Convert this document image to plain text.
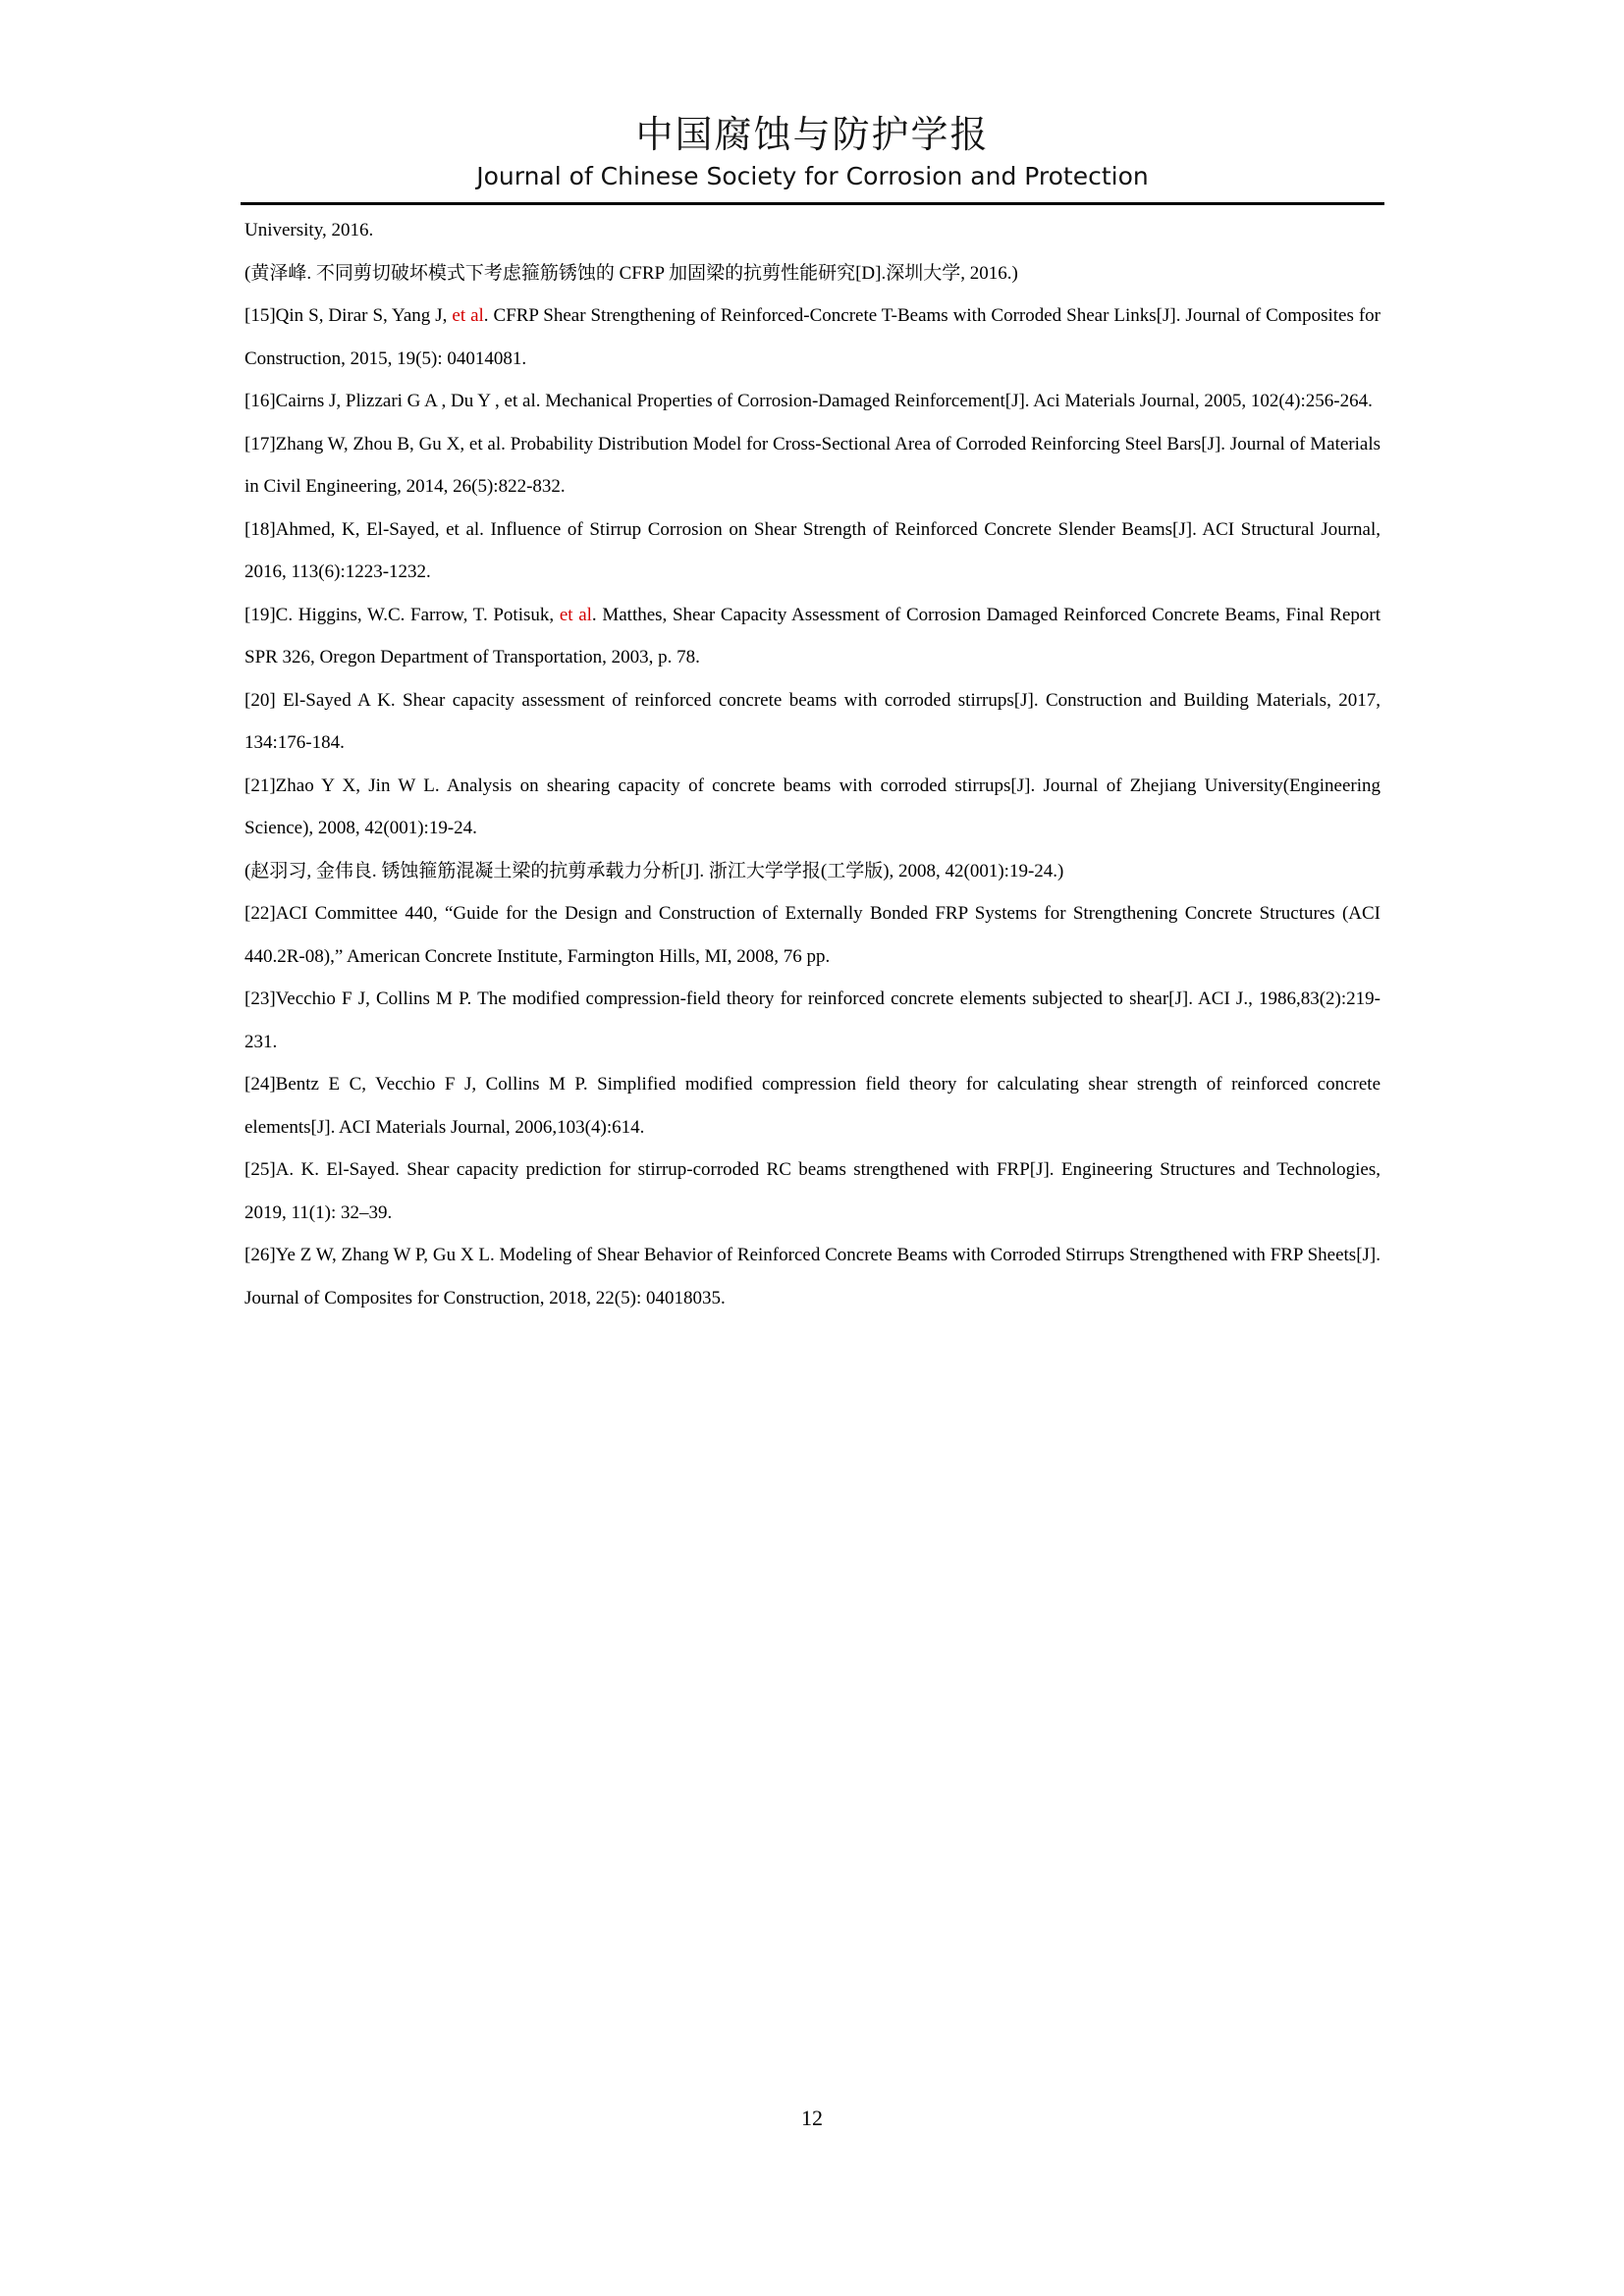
中国腐蚀与防护学报
Journal of Chinese Society for Corrosion and Protection

University, 2016.

(黄泽峰. 不同剪切破坏模式下考虑箍筋锈蚀的 CFRP 加固梁的抗剪性能研究[D].深圳大学, 2016.)

[15]Qin S, Dirar S, Yang J, et al. CFRP Shear Strengthening of Reinforced-Concrete T-Beams with Corroded Shear Links[J]. Journal of Composites for Construction, 2015, 19(5): 04014081.

[16]Cairns J, Plizzari G A , Du Y , et al. Mechanical Properties of Corrosion-Damaged Reinforcement[J]. Aci Materials Journal, 2005, 102(4):256-264.

[17]Zhang W, Zhou B, Gu X, et al. Probability Distribution Model for Cross-Sectional Area of Corroded Reinforcing Steel Bars[J]. Journal of Materials in Civil Engineering, 2014, 26(5):822-832.

[18]Ahmed, K, El-Sayed, et al. Influence of Stirrup Corrosion on Shear Strength of Reinforced Concrete Slender Beams[J]. ACI Structural Journal, 2016, 113(6):1223-1232.

[19]C. Higgins, W.C. Farrow, T. Potisuk, et al. Matthes, Shear Capacity Assessment of Corrosion Damaged Reinforced Concrete Beams, Final Report SPR 326, Oregon Department of Transportation, 2003, p. 78.

[20] El-Sayed A K. Shear capacity assessment of reinforced concrete beams with corroded stirrups[J]. Construction and Building Materials, 2017, 134:176-184.

[21]Zhao Y X, Jin W L. Analysis on shearing capacity of concrete beams with corroded stirrups[J]. Journal of Zhejiang University(Engineering Science), 2008, 42(001):19-24.

(赵羽习, 金伟良. 锈蚀箍筋混凝土梁的抗剪承载力分析[J]. 浙江大学学报(工学版), 2008, 42(001):19-24.)

[22]ACI Committee 440, “Guide for the Design and Construction of Externally Bonded FRP Systems for Strengthening Concrete Structures (ACI 440.2R-08),” American Concrete Institute, Farmington Hills, MI, 2008, 76 pp.

[23]Vecchio F J, Collins M P. The modified compression-field theory for reinforced concrete elements subjected to shear[J]. ACI J., 1986,83(2):219-231.

[24]Bentz E C, Vecchio F J, Collins M P. Simplified modified compression field theory for calculating shear strength of reinforced concrete elements[J]. ACI Materials Journal, 2006,103(4):614.

[25]A. K. El-Sayed. Shear capacity prediction for stirrup-corroded RC beams strengthened with FRP[J]. Engineering Structures and Technologies, 2019, 11(1): 32–39.

[26]Ye Z W, Zhang W P, Gu X L. Modeling of Shear Behavior of Reinforced Concrete Beams with Corroded Stirrups Strengthened with FRP Sheets[J]. Journal of Composites for Construction, 2018, 22(5): 04018035.

12
